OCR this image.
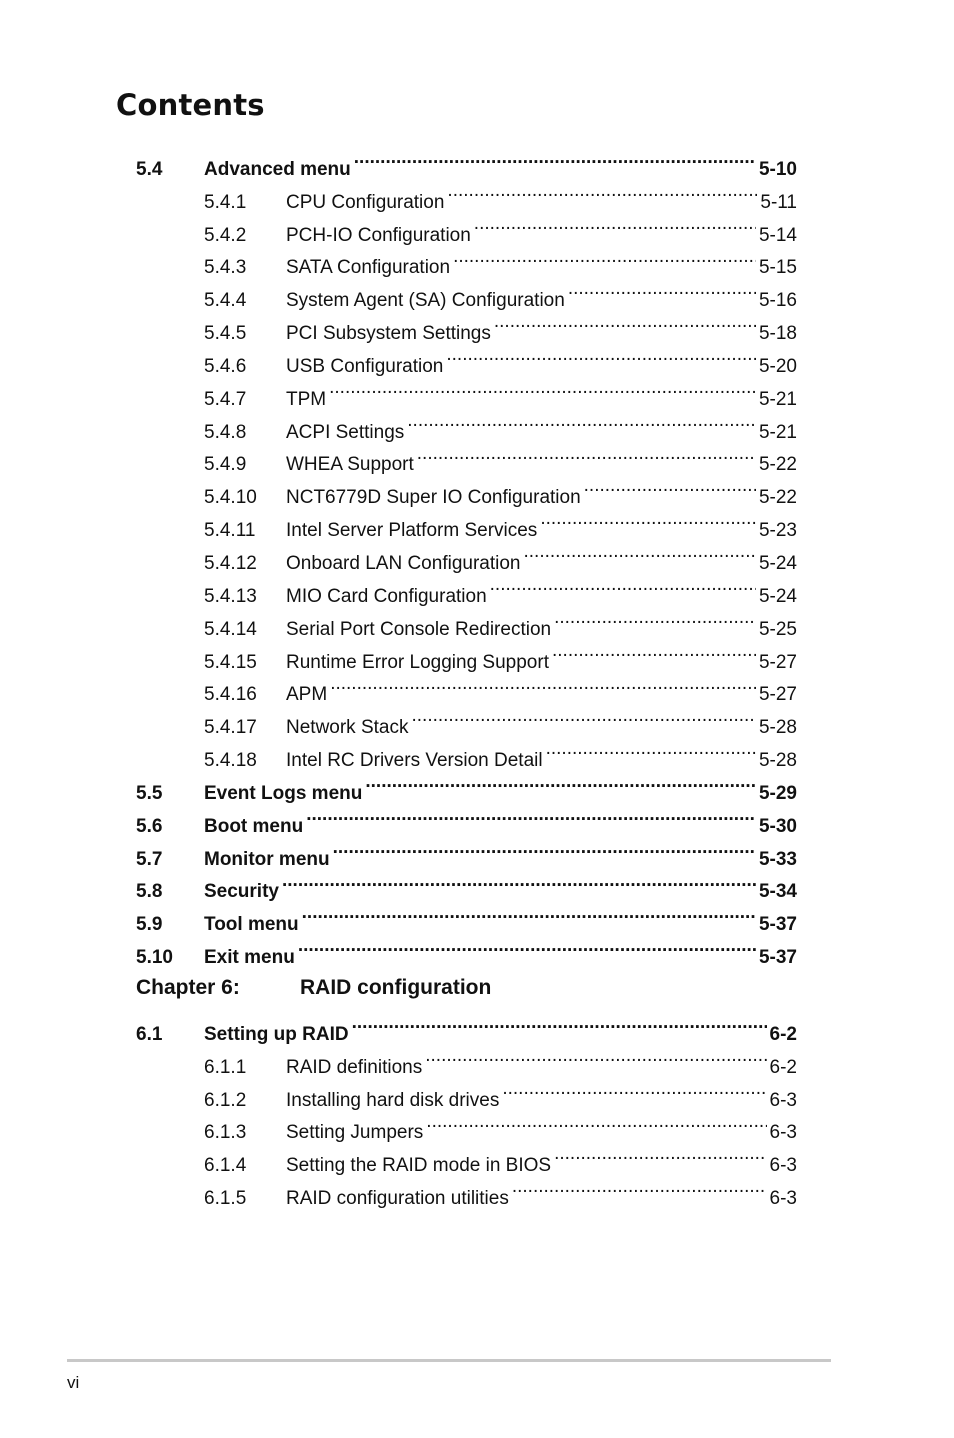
Contents
5.4	Advanced menu .....	5-10
5.4.1	CPU Configuration .....	5-11
5.4.2	PCH-IO Configuration .....	5-14
5.4.3	SATA Configuration .....	5-15
5.4.4	System Agent (SA) Configuration .....	5-16
5.4.5	PCI Subsystem Settings .....	5-18
5.4.6	USB Configuration .....	5-20
5.4.7	TPM .....	5-21
5.4.8	ACPI Settings .....	5-21
5.4.9	WHEA Support .....	5-22
5.4.10	NCT6779D Super IO Configuration .....	5-22
5.4.11	Intel Server Platform Services .....	5-23
5.4.12	Onboard LAN Configuration .....	5-24
5.4.13	MIO Card Configuration .....	5-24
5.4.14	Serial Port Console Redirection .....	5-25
5.4.15	Runtime Error Logging Support .....	5-27
5.4.16	APM .....	5-27
5.4.17	Network Stack .....	5-28
5.4.18	Intel RC Drivers Version Detail .....	5-28
5.5	Event Logs menu .....	5-29
5.6	Boot menu .....	5-30
5.7	Monitor menu .....	5-33
5.8	Security .....	5-34
5.9	Tool menu .....	5-37
5.10	Exit menu .....	5-37
Chapter 6:	RAID configuration
6.1	Setting up RAID .....	6-2
6.1.1	RAID definitions .....	6-2
6.1.2	Installing hard disk drives .....	6-3
6.1.3	Setting Jumpers .....	6-3
6.1.4	Setting the RAID mode in BIOS .....	6-3
6.1.5	RAID configuration utilities .....	6-3
vi
